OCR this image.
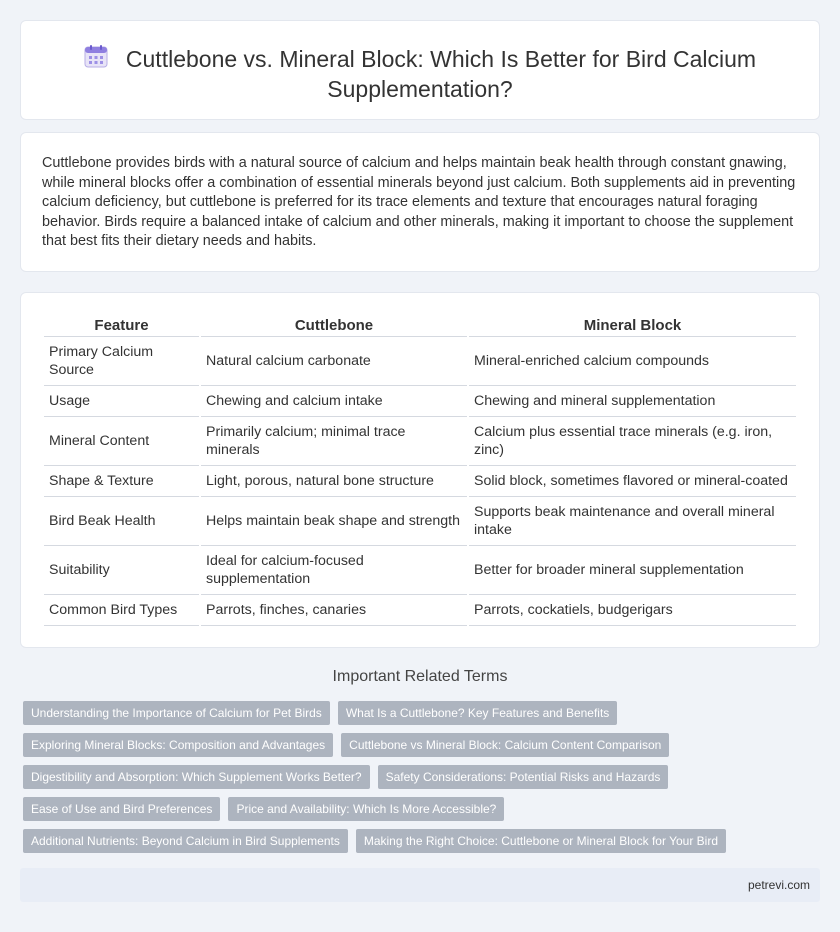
Cuttlebone vs. Mineral Block: Which Is Better for Bird Calcium Supplementation?

Cuttlebone provides birds with a natural source of calcium and helps maintain beak health through constant gnawing, while mineral blocks offer a combination of essential minerals beyond just calcium. Both supplements aid in preventing calcium deficiency, but cuttlebone is preferred for its trace elements and texture that encourages natural foraging behavior. Birds require a balanced intake of calcium and other minerals, making it important to choose the supplement that best fits their dietary needs and habits.

Feature	Cuttlebone	Mineral Block
Primary Calcium Source	Natural calcium carbonate	Mineral-enriched calcium compounds
Usage	Chewing and calcium intake	Chewing and mineral supplementation
Mineral Content	Primarily calcium; minimal trace minerals	Calcium plus essential trace minerals (e.g. iron, zinc)
Shape & Texture	Light, porous, natural bone structure	Solid block, sometimes flavored or mineral-coated
Bird Beak Health	Helps maintain beak shape and strength	Supports beak maintenance and overall mineral intake
Suitability	Ideal for calcium-focused supplementation	Better for broader mineral supplementation
Common Bird Types	Parrots, finches, canaries	Parrots, cockatiels, budgerigars
Important Related Terms
Understanding the Importance of Calcium for Pet Birds	What Is a Cuttlebone? Key Features and Benefits
Exploring Mineral Blocks: Composition and Advantages	Cuttlebone vs Mineral Block: Calcium Content Comparison
Digestibility and Absorption: Which Supplement Works Better?	Safety Considerations: Potential Risks and Hazards
Ease of Use and Bird Preferences	Price and Availability: Which Is More Accessible?
Additional Nutrients: Beyond Calcium in Bird Supplements	Making the Right Choice: Cuttlebone or Mineral Block for Your Bird
petrevi.com
